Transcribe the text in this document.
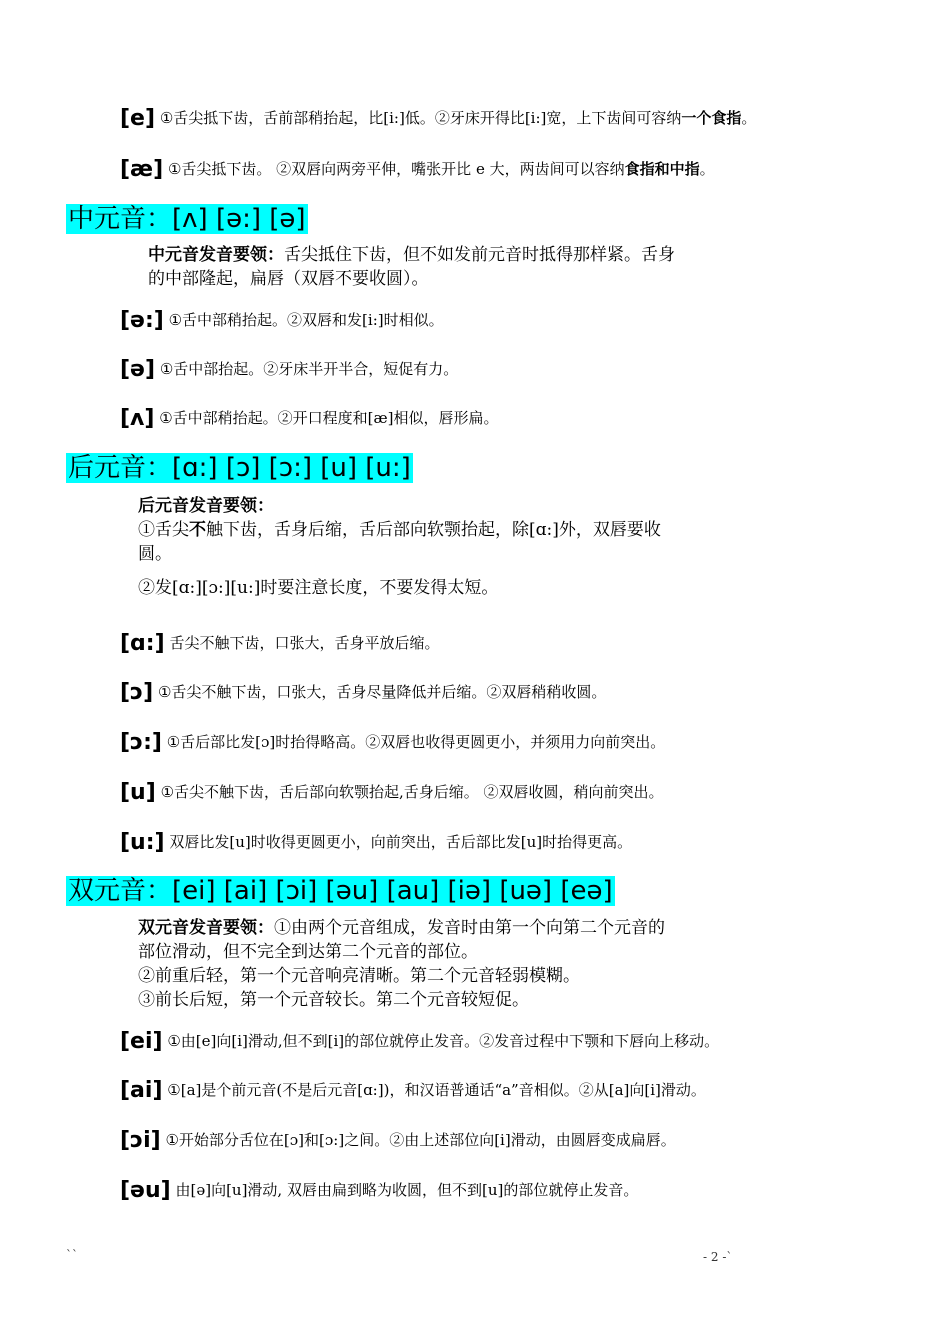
[e] ①舌尖抵下齿，舌前部稍抬起，比[i:]低。②牙床开得比[i:]宽，上下齿间可容纳一个食指。
[æ] ①舌尖抵下齿。 ②双唇向两旁平伸，嘴张开比 e 大，两齿间可以容纳食指和中指。
中元音：[ʌ] [ə:] [ə]
中元音发音要领：舌尖抵住下齿，但不如发前元音时抵得那样紧。舌身
的中部隆起，扁唇（双唇不要收圆）。
[ə:] ①舌中部稍抬起。②双唇和发[i:]时相似。
[ə] ①舌中部抬起。②牙床半开半合，短促有力。
[ʌ] ①舌中部稍抬起。②开口程度和[æ]相似，唇形扁。
后元音：[ɑ:] [ɔ] [ɔ:] [u] [u:]
后元音发音要领：
①舌尖不触下齿，舌身后缩，舌后部向软颚抬起，除[ɑ:]外，双唇要收
圆。
②发[ɑ:][ɔ:][u:]时要注意长度，不要发得太短。
[ɑ:] 舌尖不触下齿，口张大，舌身平放后缩。
[ɔ] ①舌尖不触下齿，口张大，舌身尽量降低并后缩。②双唇稍稍收圆。
[ɔ:] ①舌后部比发[ɔ]时抬得略高。②双唇也收得更圆更小，并须用力向前突出。
[u] ①舌尖不触下齿，舌后部向软颚抬起,舌身后缩。 ②双唇收圆，稍向前突出。
[u:] 双唇比发[u]时收得更圆更小，向前突出，舌后部比发[u]时抬得更高。
双元音：[ei] [ai] [ɔi] [əu] [au] [iə] [uə] [eə]
双元音发音要领：①由两个元音组成，发音时由第一个向第二个元音的
部位滑动，但不完全到达第二个元音的部位。
②前重后轻，第一个元音响亮清晰。第二个元音轻弱模糊。
③前长后短，第一个元音较长。第二个元音较短促。
[ei] ①由[e]向[i]滑动,但不到[i]的部位就停止发音。②发音过程中下颚和下唇向上移动。
[ai] ①[a]是个前元音(不是后元音[ɑ:])，和汉语普通话“a”音相似。②从[a]向[i]滑动。
[ɔi] ①开始部分舌位在[ɔ]和[ɔ:]之间。②由上述部位向[i]滑动，由圆唇变成扁唇。
[əu] 由[ə]向[u]滑动, 双唇由扁到略为收圆，但不到[u]的部位就停止发音。
``	- 2 -`
